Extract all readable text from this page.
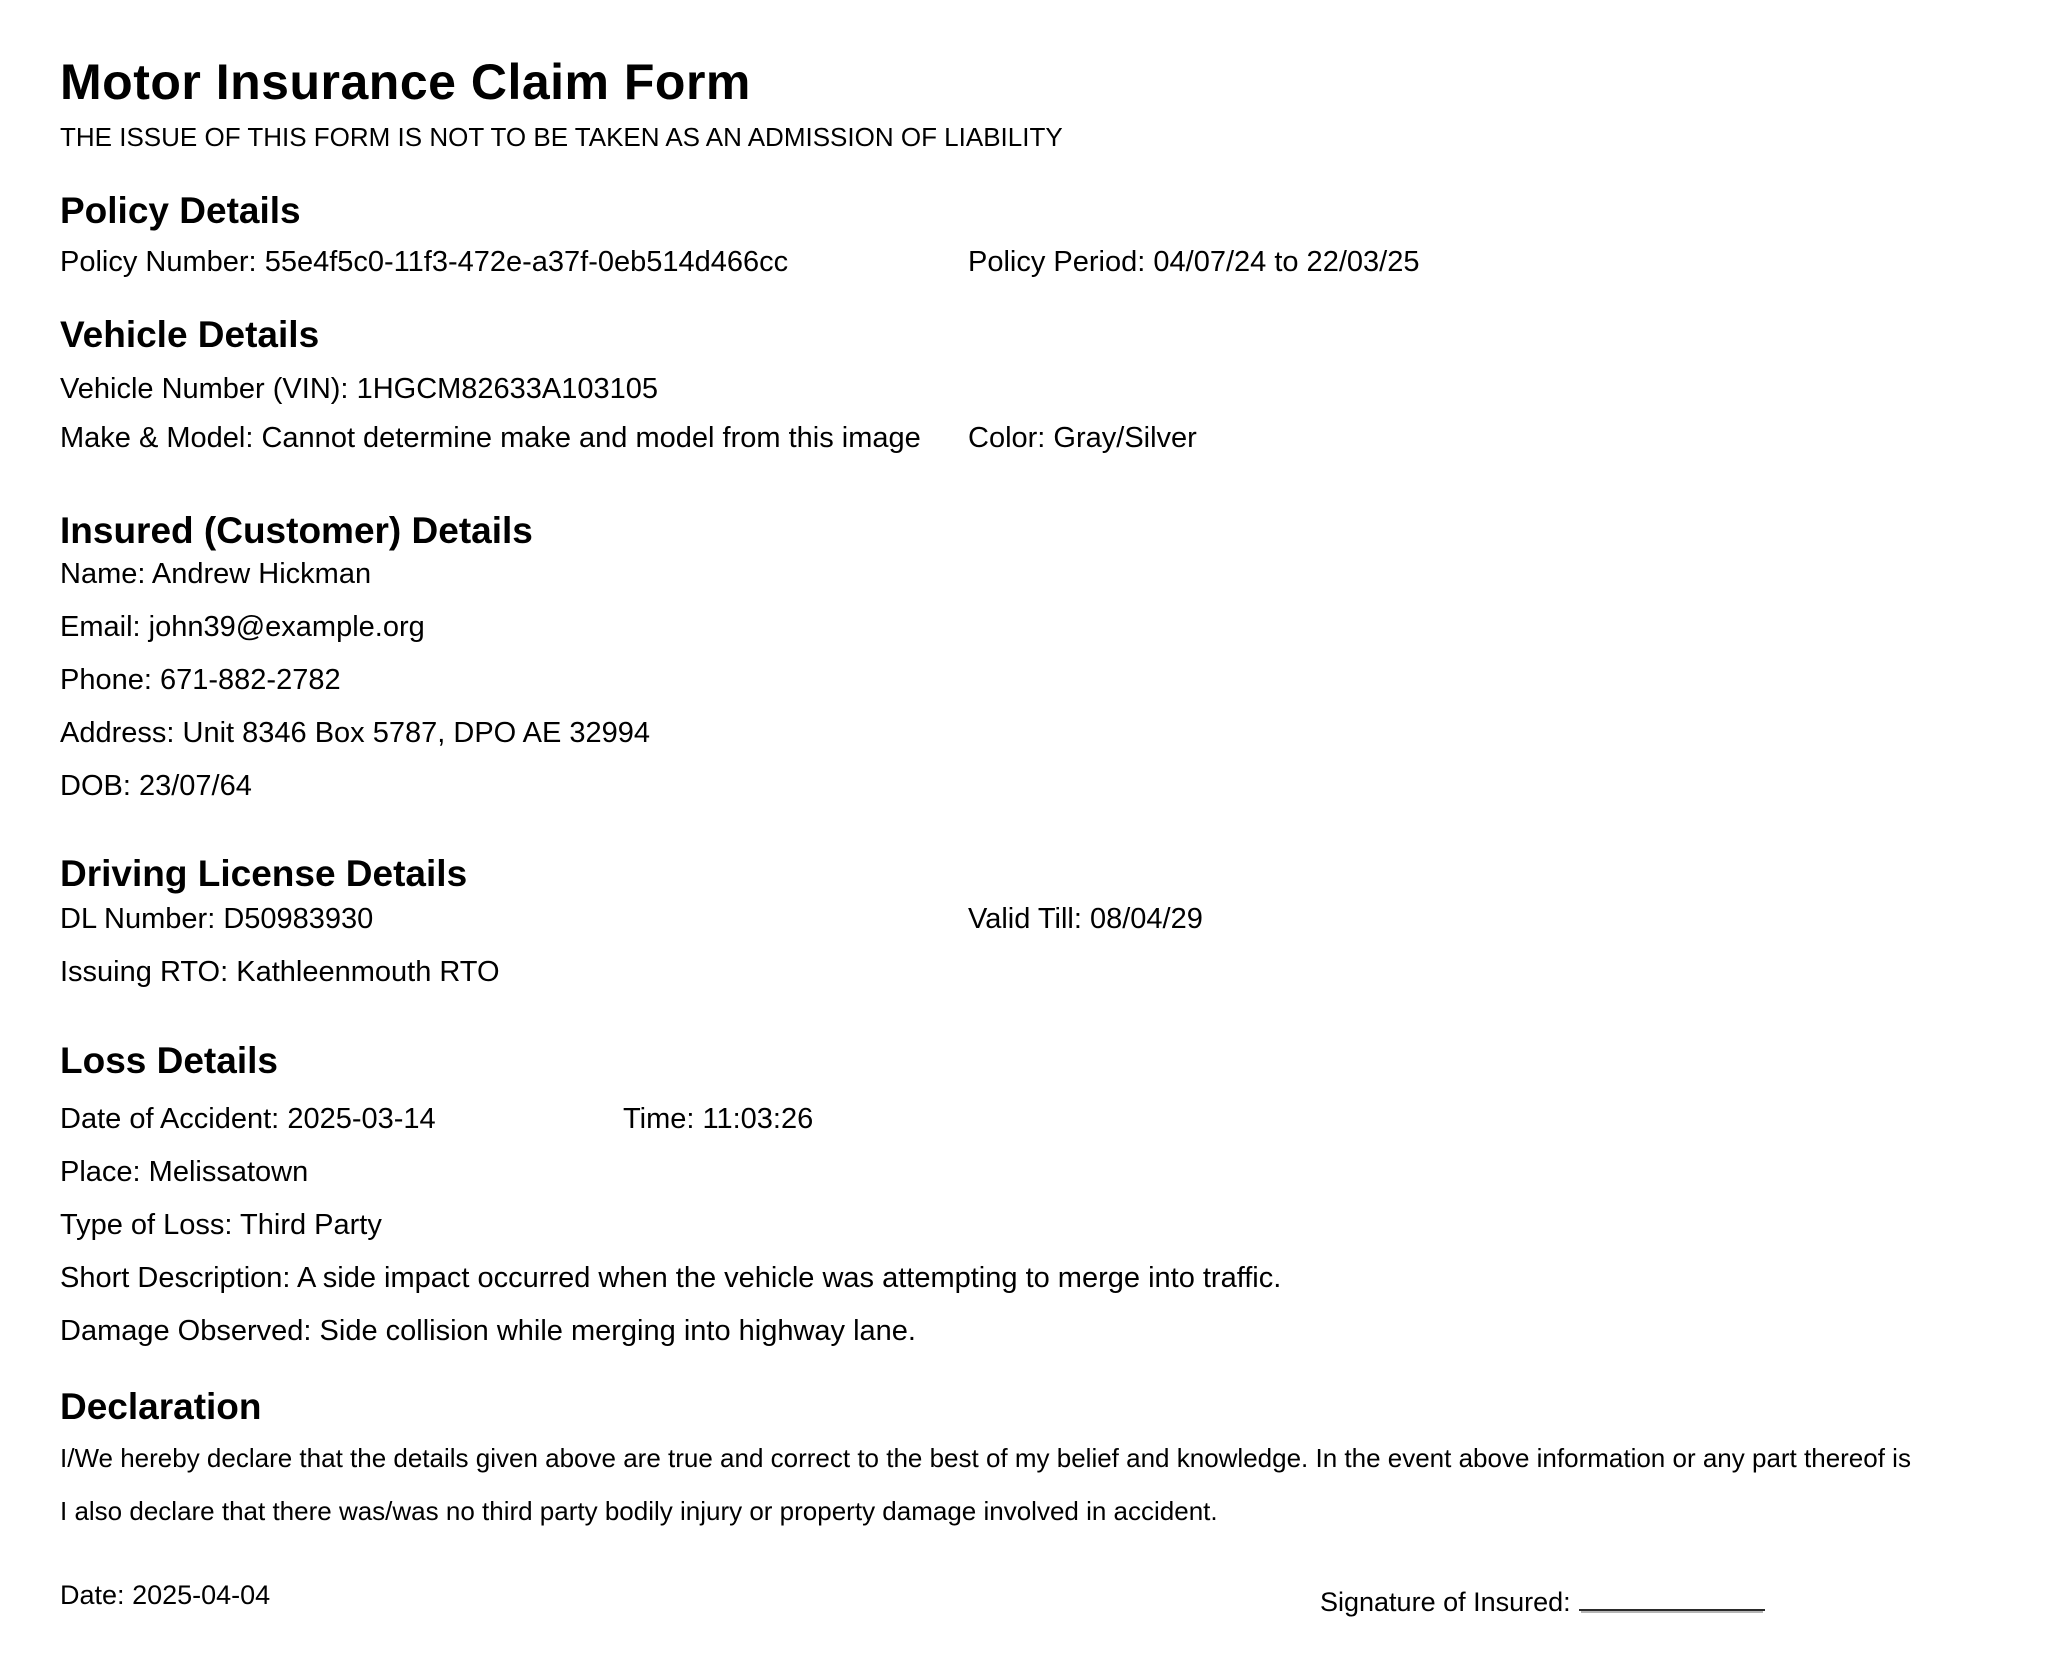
Motor Insurance Claim Form
THE ISSUE OF THIS FORM IS NOT TO BE TAKEN AS AN ADMISSION OF LIABILITY
Policy Details
Policy Number: 55e4f5c0-11f3-472e-a37f-0eb514d466cc	Policy Period: 04/07/24 to 22/03/25
Vehicle Details
Vehicle Number (VIN): 1HGCM82633A103105
Make & Model: Cannot determine make and model from this image Color: Gray/Silver
Insured (Customer) Details
Name: Andrew Hickman
Email: john39@example.org
Phone: 671-882-2782
Address: Unit 8346 Box 5787, DPO AE 32994
DOB: 23/07/64
Driving License Details
DL Number: D50983930	Valid Till: 08/04/29
Issuing RTO: Kathleenmouth RTO
Loss Details
Date of Accident: 2025-03-14	Time: 11:03:26
Place: Melissatown
Type of Loss: Third Party
Short Description: A side impact occurred when the vehicle was attempting to merge into traffic.
Damage Observed: Side collision while merging into highway lane.
Declaration
I/We hereby declare that the details given above are true and correct to the best of my belief and knowledge. In the event above information or any part thereof is
I also declare that there was/was no third party bodily injury or property damage involved in accident.
Date: 2025-04-04	Signature of Insured:
